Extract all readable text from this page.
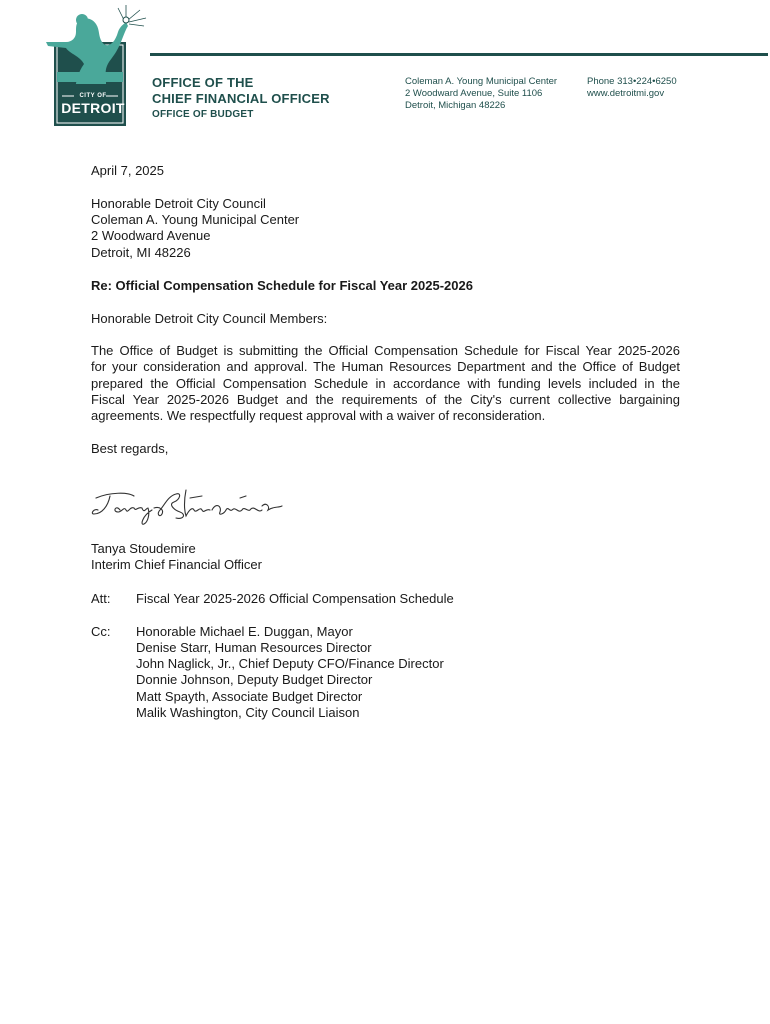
CITY OF
DETROIT
OFFICE OF THE
CHIEF FINANCIAL OFFICER
OFFICE OF BUDGET
Coleman A. Young Municipal Center
2 Woodward Avenue, Suite 1106
Detroit, Michigan 48226
Phone 313•224•6250
www.detroitmi.gov
April 7, 2025
Honorable Detroit City Council
Coleman A. Young Municipal Center
2 Woodward Avenue
Detroit, MI 48226
Re: Official Compensation Schedule for Fiscal Year 2025-2026
Honorable Detroit City Council Members:
The Office of Budget is submitting the Official Compensation Schedule for Fiscal Year 2025-2026
for your consideration and approval. The Human Resources Department and the Office of Budget
prepared the Official Compensation Schedule in accordance with funding levels included in the
Fiscal Year 2025-2026 Budget and the requirements of the City's current collective bargaining
agreements. We respectfully request approval with a waiver of reconsideration.
Best regards,
Tanya Stoudemire
Interim Chief Financial Officer
Att: Fiscal Year 2025-2026 Official Compensation Schedule
Cc: Honorable Michael E. Duggan, Mayor
Denise Starr, Human Resources Director
John Naglick, Jr., Chief Deputy CFO/Finance Director
Donnie Johnson, Deputy Budget Director
Matt Spayth, Associate Budget Director
Malik Washington, City Council Liaison
